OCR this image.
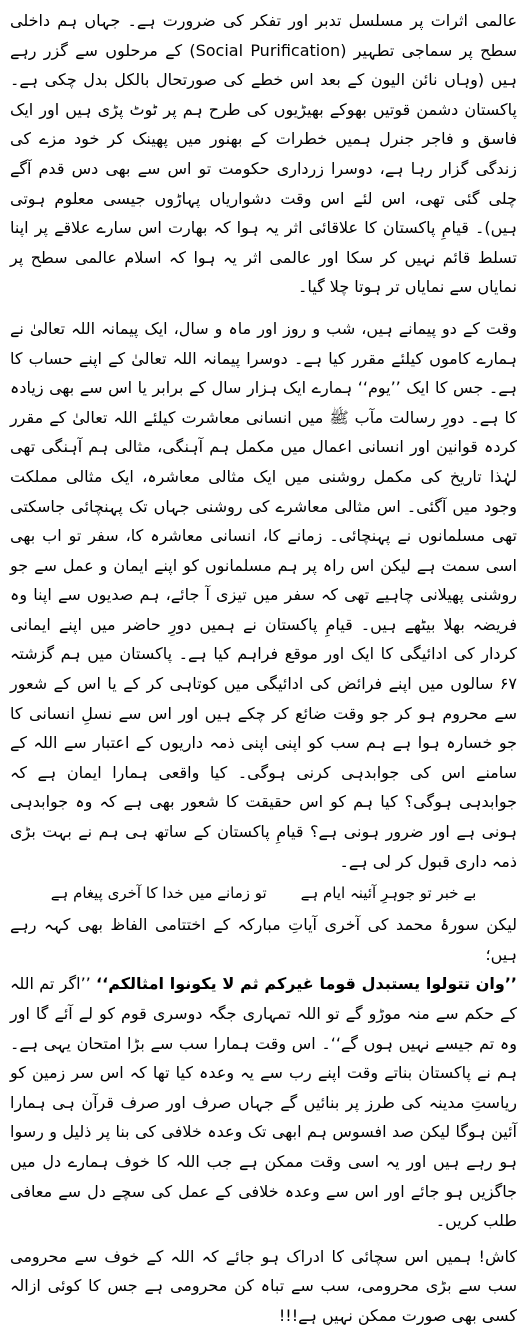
عالمی اثرات پر مسلسل تدبر اور تفکر کی ضرورت ہے۔ جہاں ہم داخلی سطح پر سماجی تطہیر (Social Purification) کے مرحلوں سے گزر رہے ہیں (وہاں نائن الیون کے بعد اس خطے کی صورتحال بالکل بدل چکی ہے۔ پاکستان دشمن قوتیں بھوکے بھیڑیوں کی طرح ہم پر ٹوٹ پڑی ہیں اور ایک فاسق و فاجر جنرل ہمیں خطرات کے بھنور میں پھینک کر خود مزے کی زندگی گزار رہا ہے، دوسرا زرداری حکومت تو اس سے بھی دس قدم آگے چلی گئی تھی، اس لئے اس وقت دشواریاں پہاڑوں جیسی معلوم ہوتی ہیں)۔ قیامِ پاکستان کا علاقائی اثر یہ ہوا کہ بھارت اس سارے علاقے پر اپنا تسلط قائم نہیں کر سکا اور عالمی اثر یہ ہوا کہ اسلام عالمی سطح پر نمایاں سے نمایاں تر ہوتا چلا گیا۔

وقت کے دو پیمانے ہیں، شب و روز اور ماہ و سال، ایک پیمانہ اللہ تعالیٰ نے ہمارے کاموں کیلئے مقرر کیا ہے۔ دوسرا پیمانہ اللہ تعالیٰ کے اپنے حساب کا ہے۔ جس کا ایک ’’یوم‘‘ ہمارے ایک ہزار سال کے برابر یا اس سے بھی زیادہ کا ہے۔ دورِ رسالت مآب ﷺ میں انسانی معاشرت کیلئے اللہ تعالیٰ کے مقرر کردہ قوانین اور انسانی اعمال میں مکمل ہم آہنگی، مثالی ہم آہنگی تھی لہٰذا تاریخ کی مکمل روشنی میں ایک مثالی معاشرہ، ایک مثالی مملکت وجود میں آگئی۔ اس مثالی معاشرے کی روشنی جہاں تک پہنچائی جاسکتی تھی مسلمانوں نے پہنچائی۔ زمانے کا، انسانی معاشرہ کا، سفر تو اب بھی اسی سمت ہے لیکن اس راہ پر ہم مسلمانوں کو اپنے ایمان و عمل سے جو روشنی پھیلانی چاہیے تھی کہ سفر میں تیزی آ جائے، ہم صدیوں سے اپنا وہ فریضہ بھلا بیٹھے ہیں۔ قیامِ پاکستان نے ہمیں دورِ حاضر میں اپنے ایمانی کردار کی ادائیگی کا ایک اور موقع فراہم کیا ہے۔ پاکستان میں ہم گزشتہ ۶۷ سالوں میں اپنے فرائض کی ادائیگی میں کوتاہی کر کے یا اس کے شعور سے محروم ہو کر جو وقت ضائع کر چکے ہیں اور اس سے نسلِ انسانی کا جو خسارہ ہوا ہے ہم سب کو اپنی اپنی ذمہ داریوں کے اعتبار سے اللہ کے سامنے اس کی جوابدہی کرنی ہوگی۔ کیا واقعی ہمارا ایمان ہے کہ جوابدہی ہوگی؟ کیا ہم کو اس حقیقت کا شعور بھی ہے کہ وہ جوابدہی ہونی ہے اور ضرور ہونی ہے؟ قیامِ پاکستان کے ساتھ ہی ہم نے بہت بڑی ذمہ داری قبول کر لی ہے۔

بے خبر تو جوہرِ آئینہ ایام ہے
تو زمانے میں خدا کا آخری پیغام ہے

لیکن سورۂ محمد کی آخری آیاتِ مبارکہ کے اختتامی الفاظ بھی کہہ رہے ہیں؛

’’وان تتولوا یستبدل قوما غیرکم ثم لا یکونوا امثالکم‘‘ ’’اگر تم اللہ کے حکم سے منہ موڑو گے تو اللہ تمہاری جگہ دوسری قوم کو لے آئے گا اور وہ تم جیسے نہیں ہوں گے‘‘۔ اس وقت ہمارا سب سے بڑا امتحان یہی ہے۔ ہم نے پاکستان بناتے وقت اپنے رب سے یہ وعدہ کیا تھا کہ اس سر زمین کو ریاستِ مدینہ کی طرز پر بنائیں گے جہاں صرف اور صرف قرآن ہی ہمارا آئین ہوگا لیکن صد افسوس ہم ابھی تک وعدہ خلافی کی بنا پر ذلیل و رسوا ہو رہے ہیں اور یہ اسی وقت ممکن ہے جب اللہ کا خوف ہمارے دل میں جاگزیں ہو جائے اور اس سے وعدہ خلافی کے عمل کی سچے دل سے معافی طلب کریں۔

کاش! ہمیں اس سچائی کا ادراک ہو جائے کہ اللہ کے خوف سے محرومی سب سے بڑی محرومی، سب سے تباہ کن محرومی ہے جس کا کوئی ازالہ کسی بھی صورت ممکن نہیں ہے!!!
